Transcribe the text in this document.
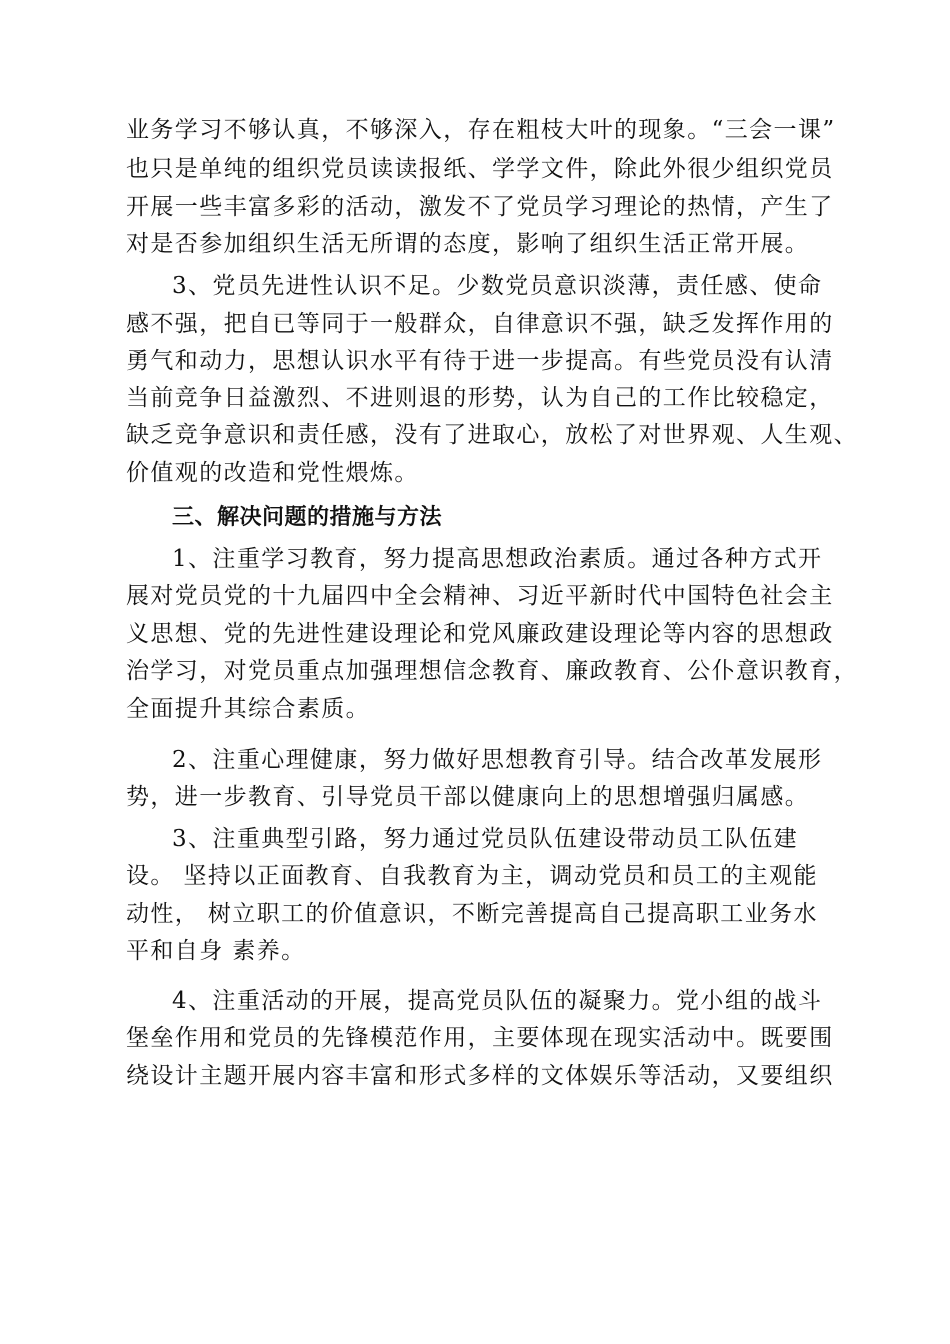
业务学习不够认真，不够深入，存在粗枝大叶的现象。“三会一课”
也只是单纯的组织党员读读报纸、学学文件，除此外很少组织党员
开展一些丰富多彩的活动，激发不了党员学习理论的热情，产生了
对是否参加组织生活无所谓的态度，影响了组织生活正常开展。
3、党员先进性认识不足。少数党员意识淡薄，责任感、使命
感不强，把自已等同于一般群众，自律意识不强，缺乏发挥作用的
勇气和动力，思想认识水平有待于进一步提高。有些党员没有认清
当前竞争日益激烈、不进则退的形势，认为自己的工作比较稳定，
缺乏竞争意识和责任感，没有了进取心，放松了对世界观、人生观、
价值观的改造和党性煨炼。
三、解决问题的措施与方法
1、注重学习教育，努力提高思想政治素质。通过各种方式开
展对党员党的十九届四中全会精神、习近平新时代中国特色社会主
义思想、党的先进性建设理论和党风廉政建设理论等内容的思想政
治学习，对党员重点加强理想信念教育、廉政教育、公仆意识教育，
全面提升其综合素质。
2、注重心理健康，努力做好思想教育引导。结合改革发展形
势，进一步教育、引导党员干部以健康向上的思想增强归属感。
3、注重典型引路，努力通过党员队伍建设带动员工队伍建
设。 坚持以正面教育、自我教育为主，调动党员和员工的主观能
动性， 树立职工的价值意识，不断完善提高自己提高职工业务水
平和自身 素养。
4、注重活动的开展，提高党员队伍的凝聚力。党小组的战斗
堡垒作用和党员的先锋模范作用，主要体现在现实活动中。既要围
绕设计主题开展内容丰富和形式多样的文体娱乐等活动，又要组织
